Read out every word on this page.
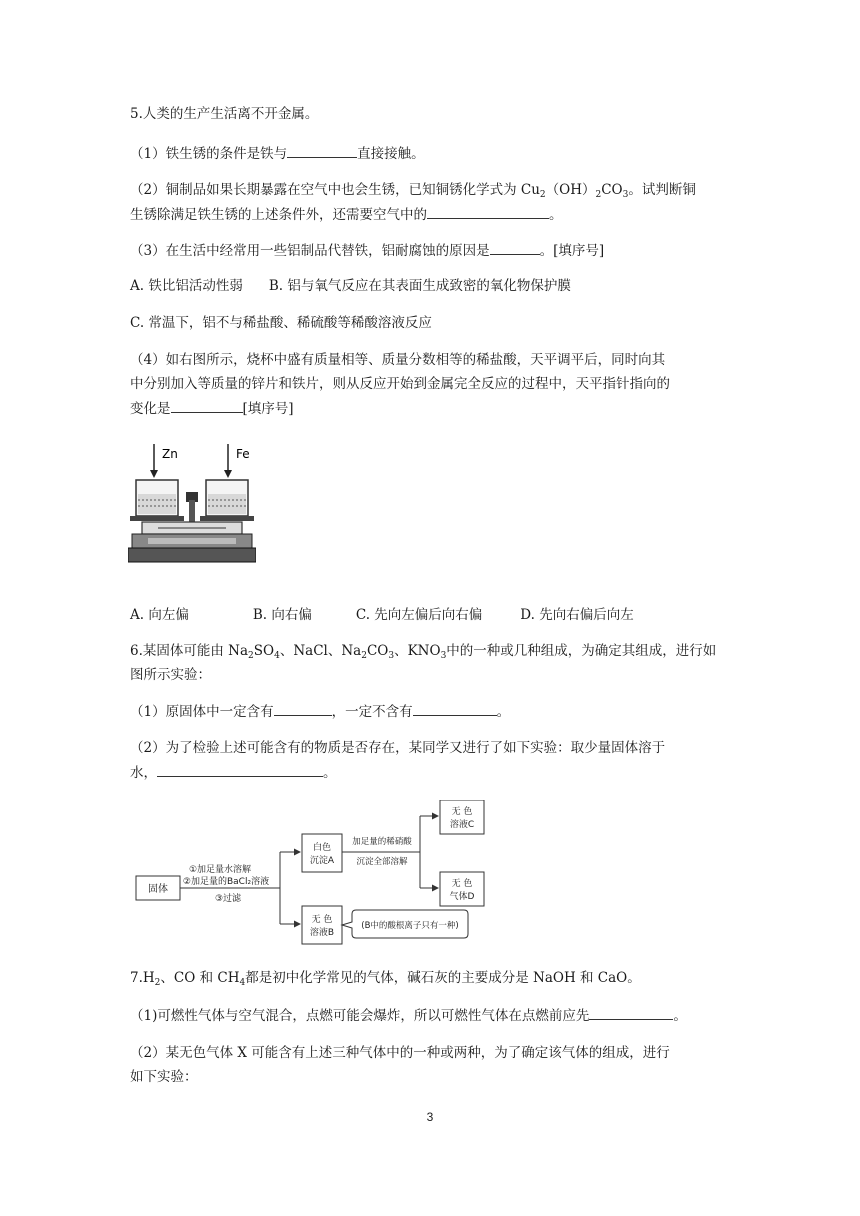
5.人类的生产生活离不开金属。
（1）铁生锈的条件是铁与	直接接触。
（2）铜制品如果长期暴露在空气中也会生锈，已知铜锈化学式为 $Cu_2(OH)_2CO_3$。试判断铜
生锈除满足铁生锈的上述条件外，还需要空气中的	。
（3）在生活中经常用一些铝制品代替铁，铝耐腐蚀的原因是	。[填序号]
A. 铁比铝活动性弱 B. 铝与氧气反应在其表面生成致密的氧化物保护膜
C. 常温下，铝不与稀盐酸、稀硫酸等稀酸溶液反应
（4）如右图所示，烧杯中盛有质量相等、质量分数相等的稀盐酸，天平调平后，同时向其
中分别加入等质量的锌片和铁片，则从反应开始到金属完全反应的过程中，天平指针指向的
变化是	[填序号]
Zn	Fe
A. 向左偏	B. 向右偏	C. 先向左偏后向右偏	D. 先向右偏后向左
6.某固体可能由 $Na_2SO_4$、NaCl、$Na_2CO_3$、$KNO_3$中的一种或几种组成，为确定其组成，进行如
图所示实验：
（1）原固体中一定含有	，一定不含有	。
（2）为了检验上述可能含有的物质是否存在，某同学又进行了如下实验：取少量固体溶于
水，	。
固体
①加足量水溶解
②加足量的BaCl₂溶液
③过滤
白色
沉淀A
加足量的稀硝酸
沉淀全部溶解
无 色
溶液C
无 色
气体D
无 色
溶液B
(B中的酸根离子只有一种)
$7.H_2$、CO 和 $CH_4$都是初中化学常见的气体，碱石灰的主要成分是 NaOH 和 CaO。
（1)可燃性气体与空气混合，点燃可能会爆炸，所以可燃性气体在点燃前应先	。
（2）某无色气体 X 可能含有上述三种气体中的一种或两种，为了确定该气体的组成，进行
如下实验：
3
